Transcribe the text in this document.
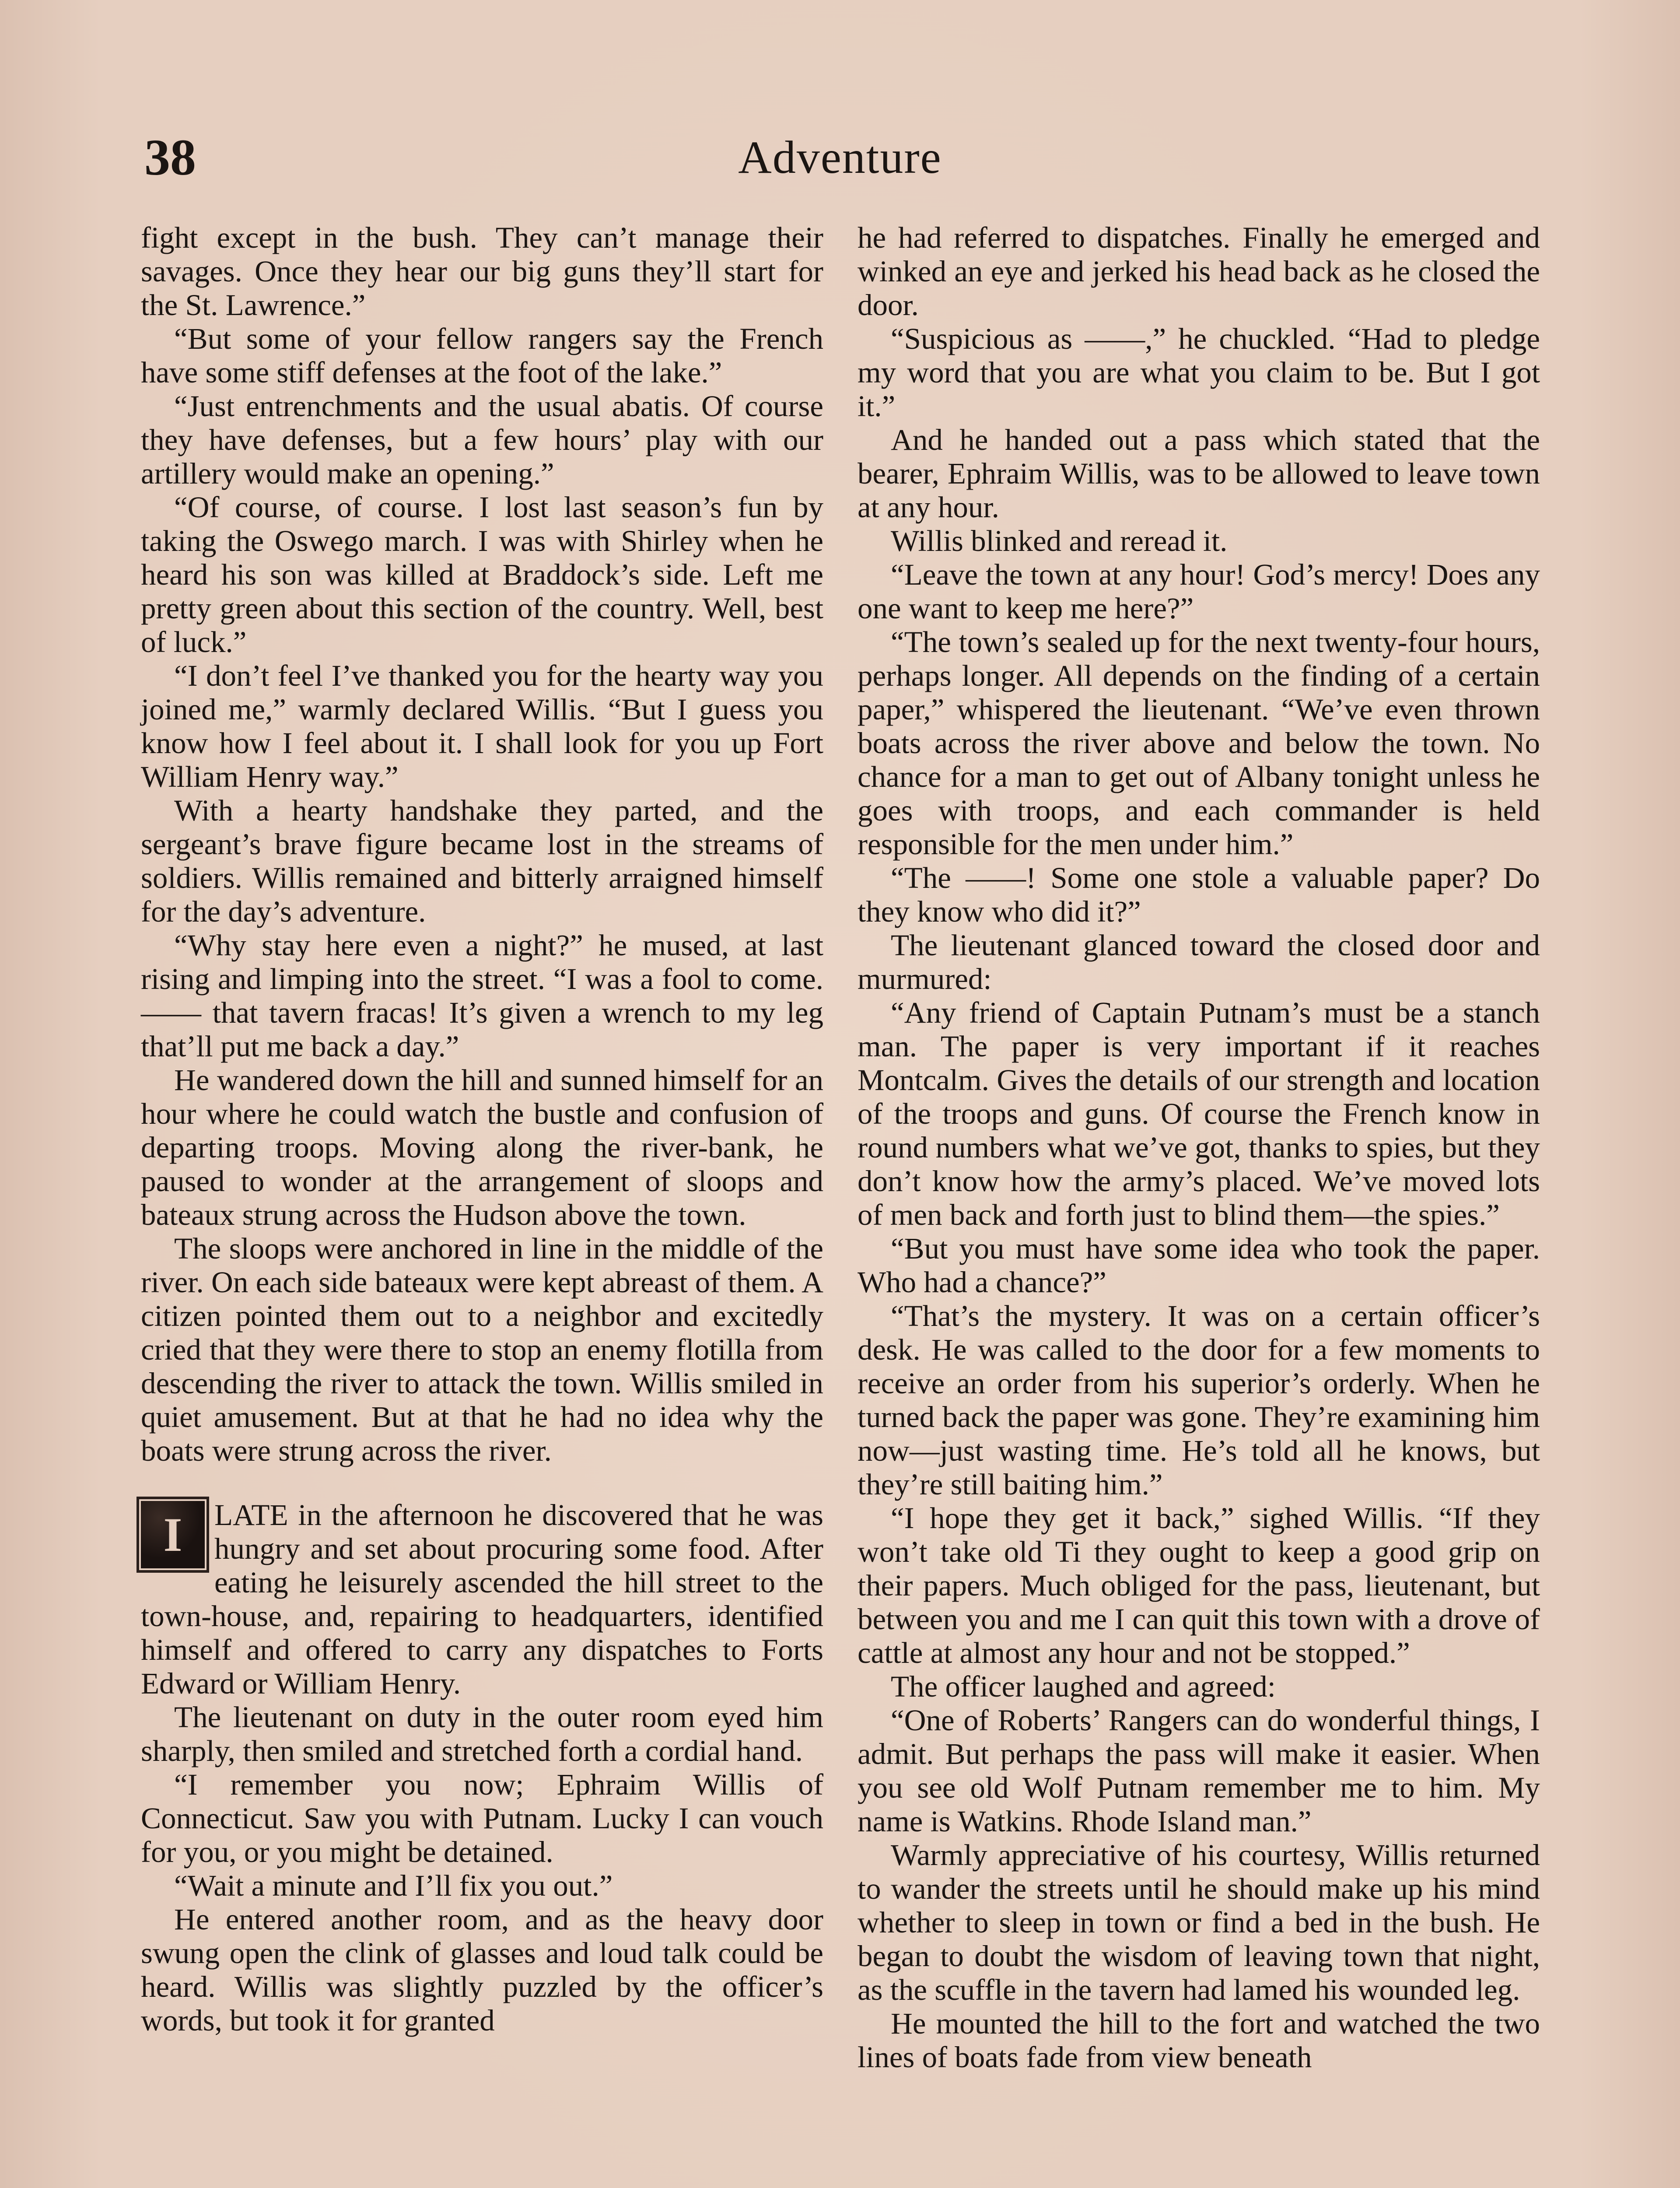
38	Adventure

fight except in the bush. They can’t manage their savages. Once they hear our big guns they’ll start for the St. Lawrence.”

“But some of your fellow rangers say the French have some stiff defenses at the foot of the lake.”

“Just entrenchments and the usual abatis. Of course they have defenses, but a few hours’ play with our artillery would make an opening.”

“Of course, of course. I lost last season’s fun by taking the Oswego march. I was with Shirley when he heard his son was killed at Braddock’s side. Left me pretty green about this section of the country. Well, best of luck.”

“I don’t feel I’ve thanked you for the hearty way you joined me,” warmly declared Willis. “But I guess you know how I feel about it. I shall look for you up Fort William Henry way.”

With a hearty handshake they parted, and the sergeant’s brave figure became lost in the streams of soldiers. Willis remained and bitterly arraigned himself for the day’s adventure.

“Why stay here even a night?” he mused, at last rising and limping into the street. “I was a fool to come. —— that tavern fracas! It’s given a wrench to my leg that’ll put me back a day.”

He wandered down the hill and sunned himself for an hour where he could watch the bustle and confusion of departing troops. Moving along the river-bank, he paused to wonder at the arrangement of sloops and bateaux strung across the Hudson above the town.

The sloops were anchored in line in the middle of the river. On each side bateaux were kept abreast of them. A citizen pointed them out to a neighbor and excitedly cried that they were there to stop an enemy flotilla from descending the river to attack the town. Willis smiled in quiet amusement. But at that he had no idea why the boats were strung across the river.

I	LATE in the afternoon he discovered that he was hungry and set about procuring some food. After eating he leisurely ascended the hill street to the town-house, and, repairing to headquarters, identified himself and offered to carry any dispatches to Forts Edward or William Henry.

The lieutenant on duty in the outer room eyed him sharply, then smiled and stretched forth a cordial hand.

“I remember you now; Ephraim Willis of Connecticut. Saw you with Putnam. Lucky I can vouch for you, or you might be detained.

“Wait a minute and I’ll fix you out.”

He entered another room, and as the heavy door swung open the clink of glasses and loud talk could be heard. Willis was slightly puzzled by the officer’s words, but took it for granted

he had referred to dispatches. Finally he emerged and winked an eye and jerked his head back as he closed the door.

“Suspicious as ——,” he chuckled. “Had to pledge my word that you are what you claim to be. But I got it.”

And he handed out a pass which stated that the bearer, Ephraim Willis, was to be allowed to leave town at any hour.

Willis blinked and reread it.

“Leave the town at any hour! God’s mercy! Does any one want to keep me here?”

“The town’s sealed up for the next twenty-four hours, perhaps longer. All depends on the finding of a certain paper,” whispered the lieutenant. “We’ve even thrown boats across the river above and below the town. No chance for a man to get out of Albany tonight unless he goes with troops, and each commander is held responsible for the men under him.”

“The ——! Some one stole a valuable paper? Do they know who did it?”

The lieutenant glanced toward the closed door and murmured:

“Any friend of Captain Putnam’s must be a stanch man. The paper is very important if it reaches Montcalm. Gives the details of our strength and location of the troops and guns. Of course the French know in round numbers what we’ve got, thanks to spies, but they don’t know how the army’s placed. We’ve moved lots of men back and forth just to blind them—the spies.”

“But you must have some idea who took the paper. Who had a chance?”

“That’s the mystery. It was on a certain officer’s desk. He was called to the door for a few moments to receive an order from his superior’s orderly. When he turned back the paper was gone. They’re examining him now—just wasting time. He’s told all he knows, but they’re still baiting him.”

“I hope they get it back,” sighed Willis. “If they won’t take old Ti they ought to keep a good grip on their papers. Much obliged for the pass, lieutenant, but between you and me I can quit this town with a drove of cattle at almost any hour and not be stopped.”

The officer laughed and agreed:

“One of Roberts’ Rangers can do wonderful things, I admit. But perhaps the pass will make it easier. When you see old Wolf Putnam remember me to him. My name is Watkins. Rhode Island man.”

Warmly appreciative of his courtesy, Willis returned to wander the streets until he should make up his mind whether to sleep in town or find a bed in the bush. He began to doubt the wisdom of leaving town that night, as the scuffle in the tavern had lamed his wounded leg.

He mounted the hill to the fort and watched the two lines of boats fade from view beneath
